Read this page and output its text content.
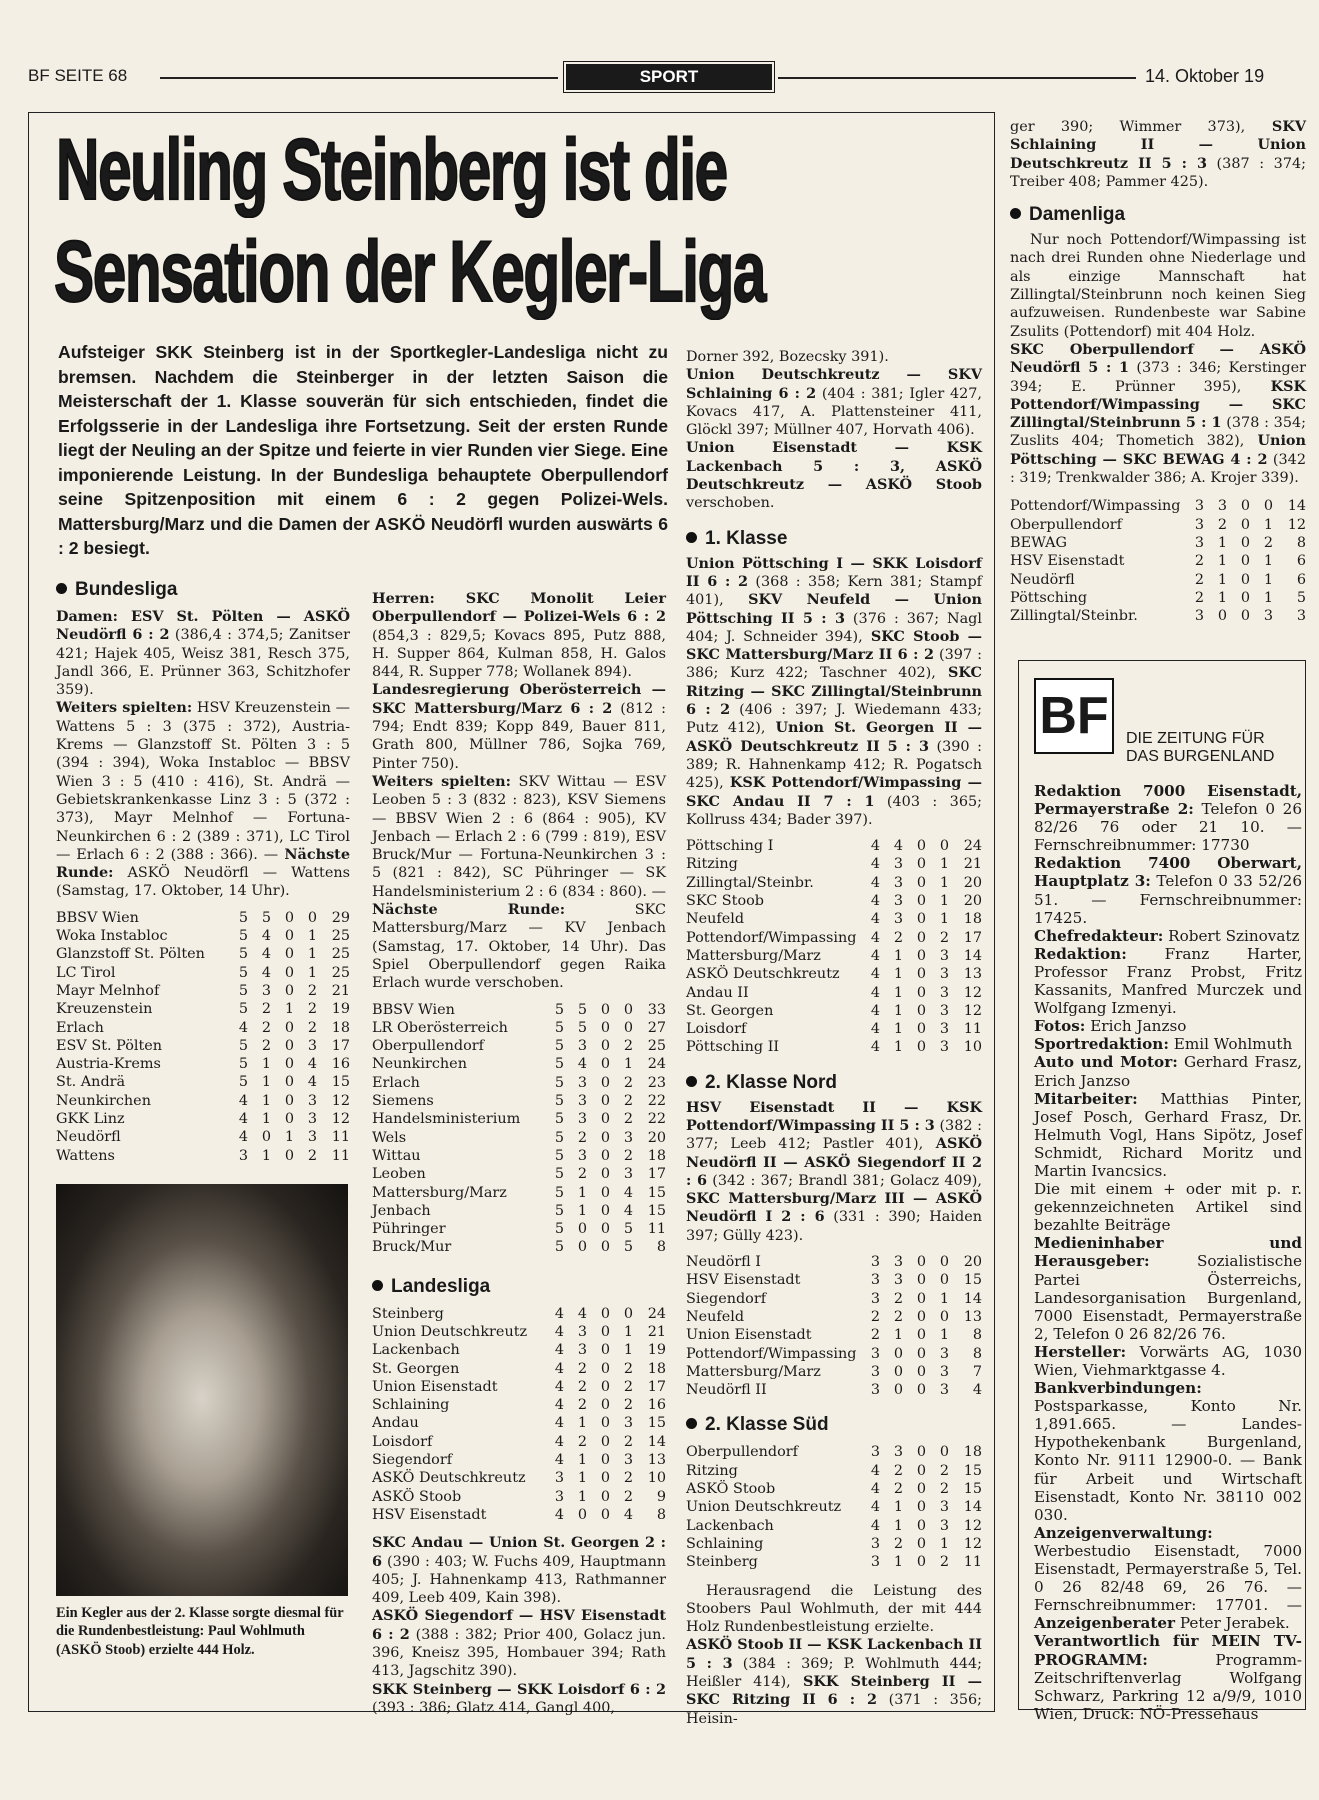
BF SEITE 68	SPORT	14. Oktober 19
Neuling Steinberg ist die
Sensation der Kegler-Liga
Aufsteiger SKK Steinberg ist in der Sportkegler-Landesliga nicht zu bremsen. Nachdem die Steinberger in der letzten Saison die Meisterschaft der 1. Klasse souverän für sich entschieden, findet die Erfolgsserie in der Landesliga ihre Fortsetzung. Seit der ersten Runde liegt der Neuling an der Spitze und feierte in vier Runden vier Siege. Eine imponierende Leistung. In der Bundesliga behauptete Oberpullendorf seine Spitzenposition mit einem 6 : 2 gegen Polizei-Wels. Mattersburg/Marz und die Damen der ASKÖ Neudörfl wurden auswärts 6 : 2 besiegt.
Bundesliga

Damen: ESV St. Pölten — ASKÖ Neudörfl 6 : 2 (386,4 : 374,5; Zanitser 421; Hajek 405, Weisz 381, Resch 375, Jandl 366, E. Prünner 363, Schitzhofer 359).

Weiters spielten: HSV Kreuzenstein — Wattens 5 : 3 (375 : 372), Austria-Krems — Glanzstoff St. Pölten 3 : 5 (394 : 394), Woka Instabloc — BBSV Wien 3 : 5 (410 : 416), St. Andrä — Gebietskrankenkasse Linz 3 : 5 (372 : 373), Mayr Melnhof — Fortuna-Neunkirchen 6 : 2 (389 : 371), LC Tirol — Erlach 6 : 2 (388 : 366). — Nächste Runde: ASKÖ Neudörfl — Wattens (Samstag, 17. Oktober, 14 Uhr).

BBSV Wien	5	5	0	0	29
Woka Instabloc	5	4	0	1	25
Glanzstoff St. Pölten	5	4	0	1	25
LC Tirol	5	4	0	1	25
Mayr Melnhof	5	3	0	2	21
Kreuzenstein	5	2	1	2	19
Erlach	4	2	0	2	18
ESV St. Pölten	5	2	0	3	17
Austria-Krems	5	1	0	4	16
St. Andrä	5	1	0	4	15
Neunkirchen	4	1	0	3	12
GKK Linz	4	1	0	3	12
Neudörfl	4	0	1	3	11
Wattens	3	1	0	2	11
Ein Kegler aus der 2. Klasse sorgte diesmal für die Rundenbestleistung: Paul Wohlmuth (ASKÖ Stoob) erzielte 444 Holz.

Herren: SKC Monolit Leier Oberpullendorf — Polizei-Wels 6 : 2 (854,3 : 829,5; Kovacs 895, Putz 888, H. Supper 864, Kulman 858, H. Galos 844, R. Supper 778; Wollanek 894).

Landesregierung Oberösterreich — SKC Mattersburg/Marz 6 : 2 (812 : 794; Endt 839; Kopp 849, Bauer 811, Grath 800, Müllner 786, Sojka 769, Pinter 750).

Weiters spielten: SKV Wittau — ESV Leoben 5 : 3 (832 : 823), KSV Siemens — BBSV Wien 2 : 6 (864 : 905), KV Jenbach — Erlach 2 : 6 (799 : 819), ESV Bruck/Mur — Fortuna-Neunkirchen 3 : 5 (821 : 842), SC Pühringer — SK Handelsministerium 2 : 6 (834 : 860). — Nächste Runde: SKC Mattersburg/Marz — KV Jenbach (Samstag, 17. Oktober, 14 Uhr). Das Spiel Oberpullendorf gegen Raika Erlach wurde verschoben.

BBSV Wien	5	5	0	0	33
LR Oberösterreich	5	5	0	0	27
Oberpullendorf	5	3	0	2	25
Neunkirchen	5	4	0	1	24
Erlach	5	3	0	2	23
Siemens	5	3	0	2	22
Handelsministerium	5	3	0	2	22
Wels	5	2	0	3	20
Wittau	5	3	0	2	18
Leoben	5	2	0	3	17
Mattersburg/Marz	5	1	0	4	15
Jenbach	5	1	0	4	15
Pühringer	5	0	0	5	11
Bruck/Mur	5	0	0	5	8
Landesliga
Steinberg	4	4	0	0	24
Union Deutschkreutz	4	3	0	1	21
Lackenbach	4	3	0	1	19
St. Georgen	4	2	0	2	18
Union Eisenstadt	4	2	0	2	17
Schlaining	4	2	0	2	16
Andau	4	1	0	3	15
Loisdorf	4	2	0	2	14
Siegendorf	4	1	0	3	13
ASKÖ Deutschkreutz	3	1	0	2	10
ASKÖ Stoob	3	1	0	2	9
HSV Eisenstadt	4	0	0	4	8

SKC Andau — Union St. Georgen 2 : 6 (390 : 403; W. Fuchs 409, Hauptmann 405; J. Hahnenkamp 413, Rathmanner 409, Leeb 409, Kain 398).

ASKÖ Siegendorf — HSV Eisenstadt 6 : 2 (388 : 382; Prior 400, Golacz jun. 396, Kneisz 395, Hombauer 394; Rath 413, Jagschitz 390).

SKK Steinberg — SKK Loisdorf 6 : 2 (393 : 386; Glatz 414, Gangl 400,

Dorner 392, Bozecsky 391).

Union Deutschkreutz — SKV Schlaining 6 : 2 (404 : 381; Igler 427, Kovacs 417, A. Plattensteiner 411, Glöckl 397; Müllner 407, Horvath 406).

Union Eisenstadt — KSK Lackenbach 5 : 3, ASKÖ Deutschkreutz — ASKÖ Stoob verschoben.

1. Klasse

Union Pöttsching I — SKK Loisdorf II 6 : 2 (368 : 358; Kern 381; Stampf 401), SKV Neufeld — Union Pöttsching II 5 : 3 (376 : 367; Nagl 404; J. Schneider 394), SKC Stoob — SKC Mattersburg/Marz II 6 : 2 (397 : 386; Kurz 422; Taschner 402), SKC Ritzing — SKC Zillingtal/Steinbrunn 6 : 2 (406 : 397; J. Wiedemann 433; Putz 412), Union St. Georgen II — ASKÖ Deutschkreutz II 5 : 3 (390 : 389; R. Hahnenkamp 412; R. Pogatsch 425), KSK Pottendorf/Wimpassing — SKC Andau II 7 : 1 (403 : 365; Kollruss 434; Bader 397).

Pöttsching I	4	4	0	0	24
Ritzing	4	3	0	1	21
Zillingtal/Steinbr.	4	3	0	1	20
SKC Stoob	4	3	0	1	20
Neufeld	4	3	0	1	18
Pottendorf/Wimpassing	4	2	0	2	17
Mattersburg/Marz	4	1	0	3	14
ASKÖ Deutschkreutz	4	1	0	3	13
Andau II	4	1	0	3	12
St. Georgen	4	1	0	3	12
Loisdorf	4	1	0	3	11
Pöttsching II	4	1	0	3	10
2. Klasse Nord

HSV Eisenstadt II — KSK Pottendorf/Wimpassing II 5 : 3 (382 : 377; Leeb 412; Pastler 401), ASKÖ Neudörfl II — ASKÖ Siegendorf II 2 : 6 (342 : 367; Brandl 381; Golacz 409), SKC Mattersburg/Marz III — ASKÖ Neudörfl I 2 : 6 (331 : 390; Haiden 397; Gülly 423).

Neudörfl I	3	3	0	0	20
HSV Eisenstadt	3	3	0	0	15
Siegendorf	3	2	0	1	14
Neufeld	2	2	0	0	13
Union Eisenstadt	2	1	0	1	8
Pottendorf/Wimpassing	3	0	0	3	8
Mattersburg/Marz	3	0	0	3	7
Neudörfl II	3	0	0	3	4
2. Klasse Süd
Oberpullendorf	3	3	0	0	18
Ritzing	4	2	0	2	15
ASKÖ Stoob	4	2	0	2	15
Union Deutschkreutz	4	1	0	3	14
Lackenbach	4	1	0	3	12
Schlaining	3	2	0	1	12
Steinberg	3	1	0	2	11

Herausragend die Leistung des Stoobers Paul Wohlmuth, der mit 444 Holz Rundenbestleistung erzielte.

ASKÖ Stoob II — KSK Lackenbach II 5 : 3 (384 : 369; P. Wohlmuth 444; Heißler 414), SKK Steinberg II — SKC Ritzing II 6 : 2 (371 : 356; Heisin-

ger 390; Wimmer 373), SKV Schlaining II — Union Deutschkreutz II 5 : 3 (387 : 374; Treiber 408; Pammer 425).

Damenliga

Nur noch Pottendorf/Wimpassing ist nach drei Runden ohne Niederlage und als einzige Mannschaft hat Zillingtal/Steinbrunn noch keinen Sieg aufzuweisen. Rundenbeste war Sabine Zsulits (Pottendorf) mit 404 Holz.

SKC Oberpullendorf — ASKÖ Neudörfl 5 : 1 (373 : 346; Kerstinger 394; E. Prünner 395), KSK Pottendorf/Wimpassing — SKC Zillingtal/Steinbrunn 5 : 1 (378 : 354; Zuslits 404; Thometich 382), Union Pöttsching — SKC BEWAG 4 : 2 (342 : 319; Trenkwalder 386; A. Krojer 339).

Pottendorf/Wimpassing	3	3	0	0	14
Oberpullendorf	3	2	0	1	12
BEWAG	3	1	0	2	8
HSV Eisenstadt	2	1	0	1	6
Neudörfl	2	1	0	1	6
Pöttsching	2	1	0	1	5
Zillingtal/Steinbr.	3	0	0	3	3
BF	DIE ZEITUNG FÜR
DAS BURGENLAND

Redaktion 7000 Eisenstadt, Permayerstraße 2: Telefon 0 26 82/26 76 oder 21 10. — Fernschreibnummer: 17730

Redaktion 7400 Oberwart, Hauptplatz 3: Telefon 0 33 52/26 51. — Fernschreibnummer: 17425.

Chefredakteur: Robert Szinovatz

Redaktion: Franz Harter, Professor Franz Probst, Fritz Kassanits, Manfred Murczek und Wolfgang Izmenyi.

Fotos: Erich Janzso

Sportredaktion: Emil Wohlmuth

Auto und Motor: Gerhard Frasz, Erich Janzso

Mitarbeiter: Matthias Pinter, Josef Posch, Gerhard Frasz, Dr. Helmuth Vogl, Hans Sipötz, Josef Schmidt, Richard Moritz und Martin Ivancsics.

Die mit einem + oder mit p. r. gekennzeichneten Artikel sind bezahlte Beiträge

Medieninhaber und Herausgeber: Sozialistische Partei Österreichs, Landesorganisation Burgenland, 7000 Eisenstadt, Permayerstraße 2, Telefon 0 26 82/26 76.

Hersteller: Vorwärts AG, 1030 Wien, Viehmarktgasse 4.

Bankverbindungen: Postsparkasse, Konto Nr. 1,891.665. — Landes-Hypothekenbank Burgenland, Konto Nr. 9111 12900-0. — Bank für Arbeit und Wirtschaft Eisenstadt, Konto Nr. 38110 002 030.

Anzeigenverwaltung: Werbestudio Eisenstadt, 7000 Eisenstadt, Permayerstraße 5, Tel. 0 26 82/48 69, 26 76. — Fernschreibnummer: 17701. — Anzeigenberater Peter Jerabek.

Verantwortlich für MEIN TV-PROGRAMM: Programm-Zeitschriftenverlag Wolfgang Schwarz, Parkring 12 a/9/9, 1010 Wien, Druck: NÖ-Pressehaus
